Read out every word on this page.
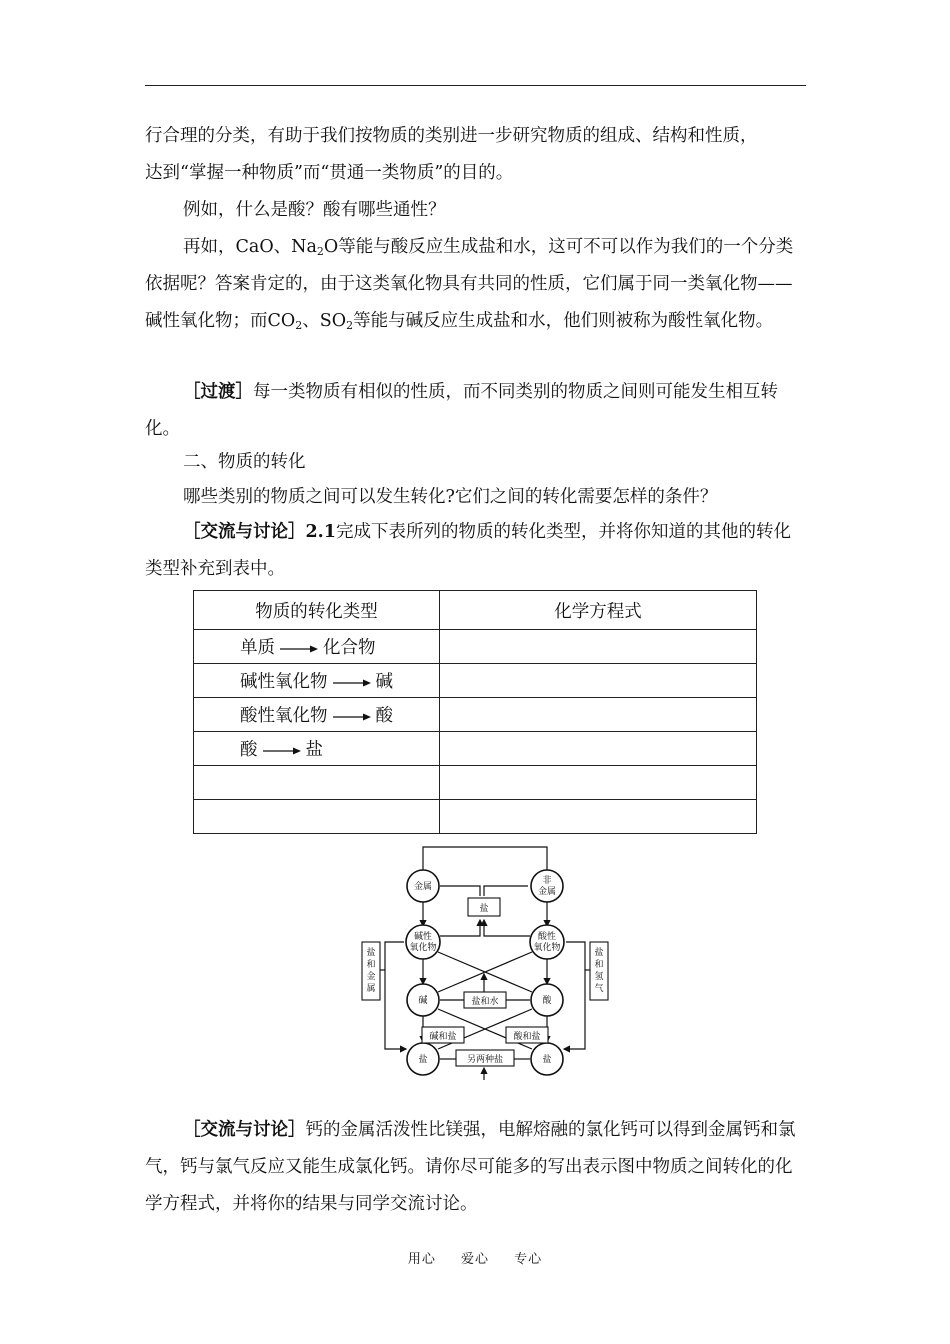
行合理的分类，有助于我们按物质的类别进一步研究物质的组成、结构和性质，
达到“掌握一种物质”而“贯通一类物质”的目的。

例如，什么是酸？酸有哪些通性？

再如，CaO、$Na_2O$等能与酸反应生成盐和水，这可不可以作为我们的一个分类依据呢？答案肯定的，由于这类氧化物具有共同的性质，它们属于同一类氧化物——碱性氧化物；而$CO_2$、$SO_2$等能与碱反应生成盐和水，他们则被称为酸性氧化物。

［过渡］每一类物质有相似的性质，而不同类别的物质之间则可能发生相互转化。

二、物质的转化

哪些类别的物质之间可以发生转化?它们之间的转化需要怎样的条件？

［交流与讨论］2.1完成下表所列的物质的转化类型，并将你知道的其他的转化类型补充到表中。

物质的转化类型	化学方程式
单质 化合物	
碱性氧化物 碱	
酸性氧化物 酸	
酸 盐	

金属
非
金属
盐
碱性
氧化物
酸性
氧化物
碱	酸
盐和水
碱和盐	酸和盐
另两种盐
盐	盐
盐
和
金
属
盐
和
氢
气

［交流与讨论］钙的金属活泼性比镁强，电解熔融的氯化钙可以得到金属钙和氯气，钙与氯气反应又能生成氯化钙。请你尽可能多的写出表示图中物质之间转化的化学方程式，并将你的结果与同学交流讨论。

用心 爱心 专心
